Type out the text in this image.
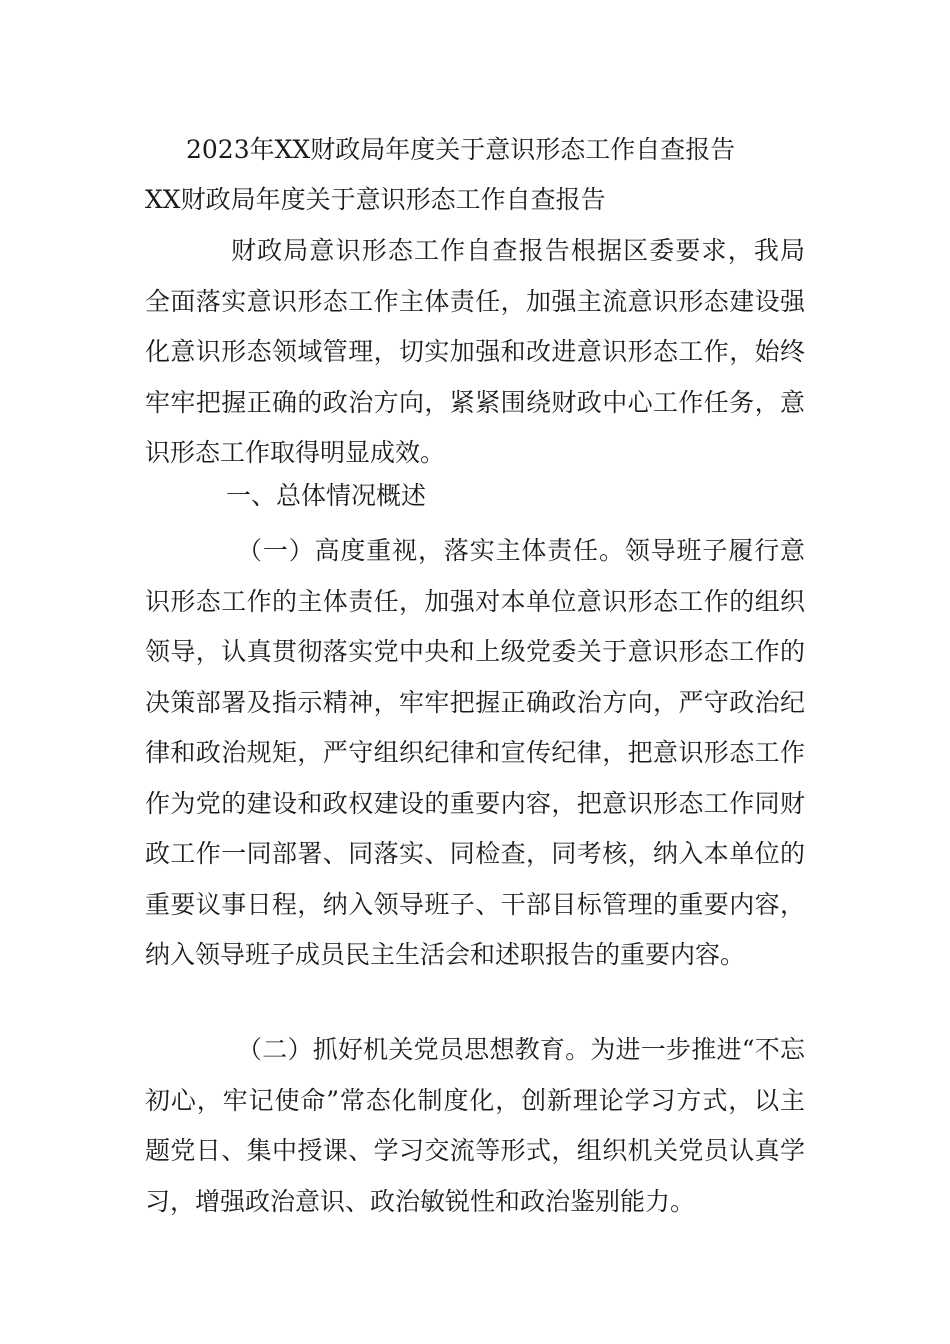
2023年XX财政局年度关于意识形态工作自查报告
XX财政局年度关于意识形态工作自查报告

财政局意识形态工作自查报告根据区委要求，我局全面落实意识形态工作主体责任，加强主流意识形态建设强化意识形态领域管理，切实加强和改进意识形态工作，始终牢牢把握正确的政治方向，紧紧围绕财政中心工作任务，意识形态工作取得明显成效。

一、总体情况概述

（一）高度重视，落实主体责任。领导班子履行意识形态工作的主体责任，加强对本单位意识形态工作的组织领导，认真贯彻落实党中央和上级党委关于意识形态工作的决策部署及指示精神，牢牢把握正确政治方向，严守政治纪律和政治规矩，严守组织纪律和宣传纪律，把意识形态工作作为党的建设和政权建设的重要内容，把意识形态工作同财政工作一同部署、同落实、同检查，同考核，纳入本单位的重要议事日程，纳入领导班子、干部目标管理的重要内容，纳入领导班子成员民主生活会和述职报告的重要内容。

（二）抓好机关党员思想教育。为进一步推进“不忘初心，牢记使命”常态化制度化，创新理论学习方式，以主题党日、集中授课、学习交流等形式，组织机关党员认真学习，增强政治意识、政治敏锐性和政治鉴别能力。
